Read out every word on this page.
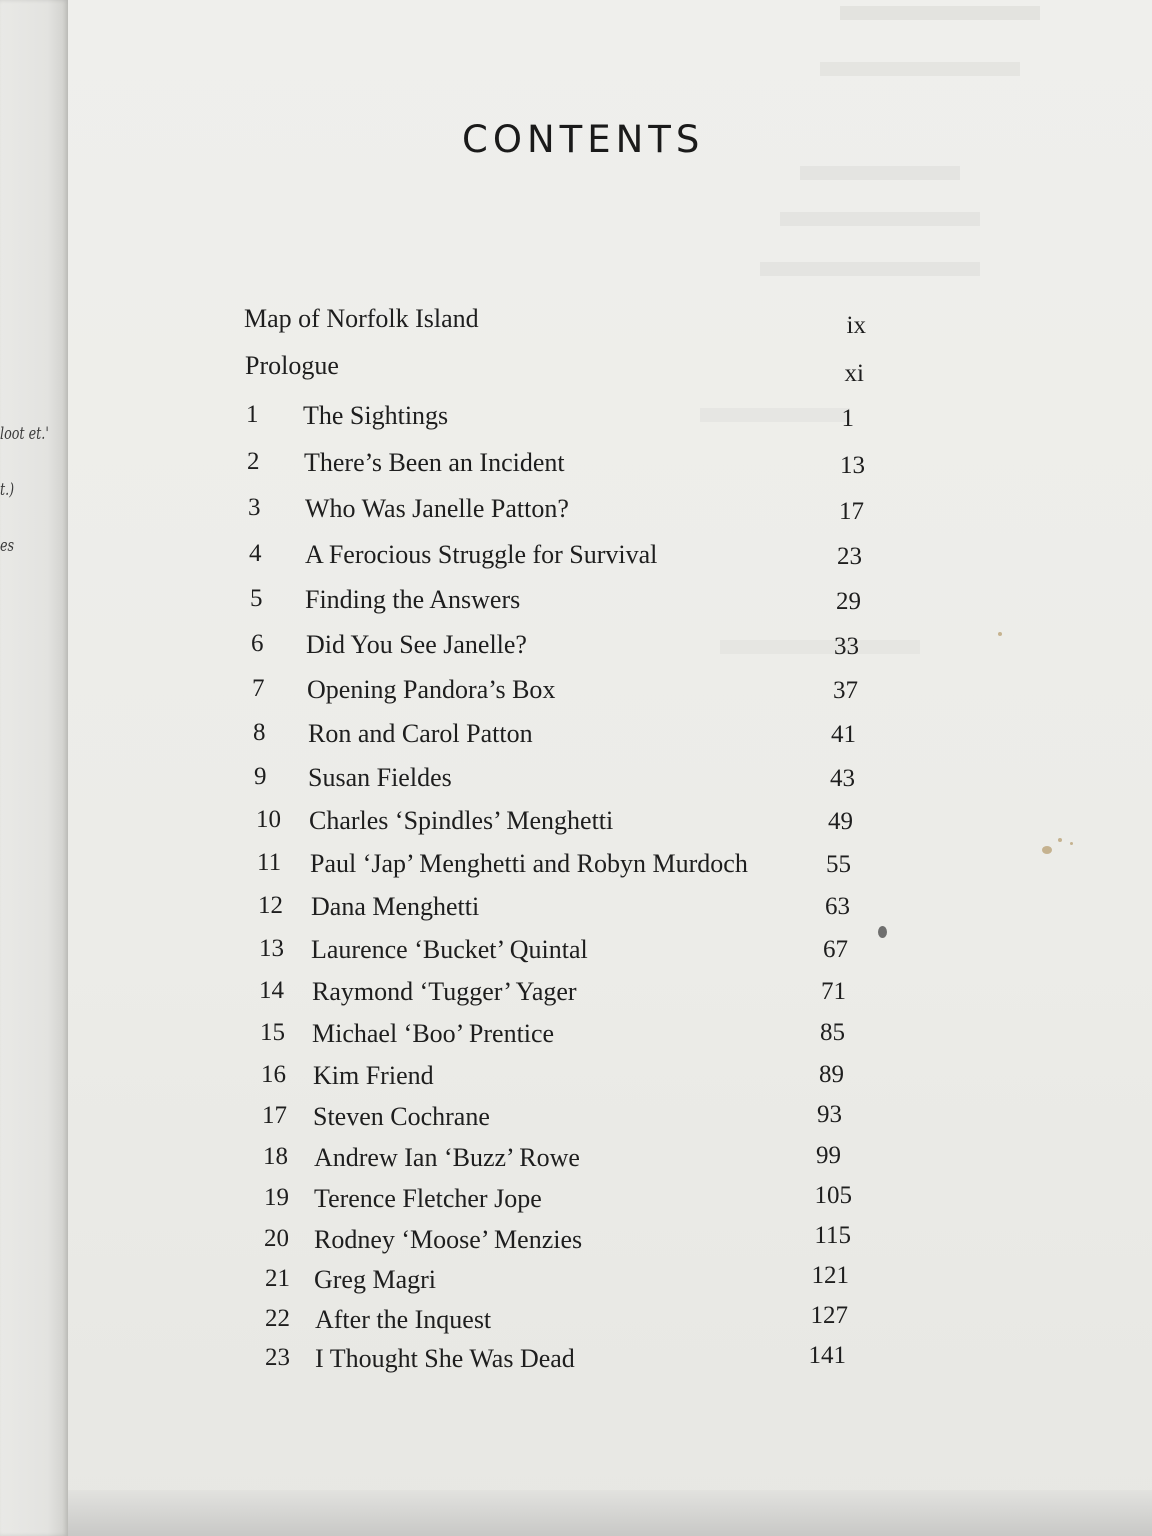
loot et.'
t.)
es
CONTENTS
Map of Norfolk Island	ix
Prologue	xi
1 The Sightings	1
2 There’s Been an Incident	13
3 Who Was Janelle Patton?	17
4 A Ferocious Struggle for Survival	23
5 Finding the Answers	29
6 Did You See Janelle?	33
7 Opening Pandora’s Box	37
8 Ron and Carol Patton	41
9 Susan Fieldes	43
10 Charles ‘Spindles’ Menghetti	49
11 Paul ‘Jap’ Menghetti and Robyn Murdoch	55
12 Dana Menghetti	63
13 Laurence ‘Bucket’ Quintal	67
14 Raymond ‘Tugger’ Yager	71
15 Michael ‘Boo’ Prentice	85
16 Kim Friend	89
17 Steven Cochrane	93
18 Andrew Ian ‘Buzz’ Rowe	99
19 Terence Fletcher Jope	105
20 Rodney ‘Moose’ Menzies	115
21 Greg Magri	121
22 After the Inquest	127
23 I Thought She Was Dead	141
